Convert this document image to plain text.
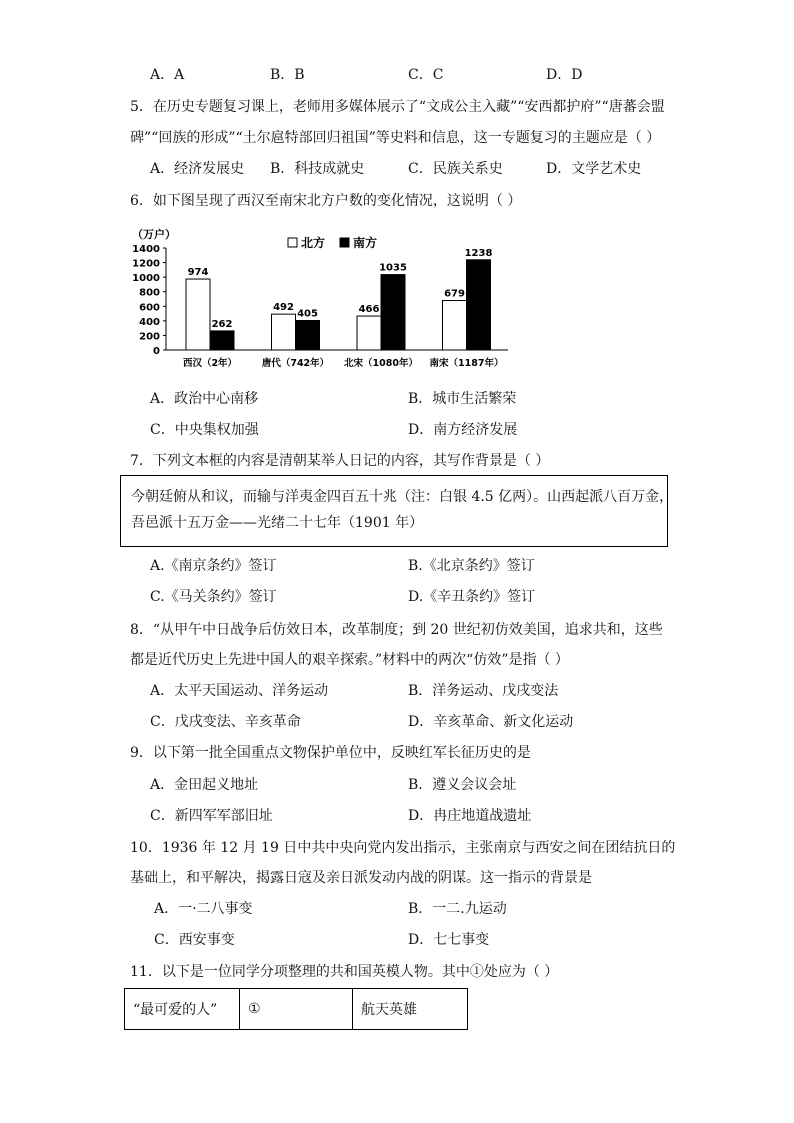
A．A	B．B	C．C	D．D
5．在历史专题复习课上，老师用多媒体展示了“文成公主入藏”“安西都护府”“唐蕃会盟
碑”“回族的形成”“土尔扈特部回归祖国”等史料和信息，这一专题复习的主题应是（ ）
A．经济发展史 B．科技成就史	C．民族关系史	D．文学艺术史
6．如下图呈现了西汉至南宋北方户数的变化情况，这说明（ ）
（万户）
北方 南方
0
200
400
600
800
1000
1200
1400
974
262
西汉（2年）
492
405
唐代（742年）
466
1035
北宋（1080年）
679
1238
南宋（1187年）
A．政治中心南移	B．城市生活繁荣
C．中央集权加强	D．南方经济发展
7．下列文本框的内容是清朝某举人日记的内容，其写作背景是（ ）
今朝廷俯从和议，而输与洋夷金四百五十兆（注：白银 4.5 亿两）。山西起派八百万金，
吾邑派十五万金——光绪二十七年（1901 年）
A.《南京条约》签订	B.《北京条约》签订
C.《马关条约》签订	D.《辛丑条约》签订
8．“从甲午中日战争后仿效日本，改革制度；到 20 世纪初仿效美国，追求共和，这些
都是近代历史上先进中国人的艰辛探索。”材料中的两次“仿效”是指（ ）
A．太平天国运动、洋务运动	B．洋务运动、戊戌变法
C．戊戌变法、辛亥革命	D．辛亥革命、新文化运动
9．以下第一批全国重点文物保护单位中，反映红军长征历史的是
A．金田起义地址	B．遵义会议会址
C．新四军军部旧址	D．冉庄地道战遗址
10．1936 年 12 月 19 日中共中央向党内发出指示，主张南京与西安之间在团结抗日的
基础上，和平解决，揭露日寇及亲日派发动内战的阴谋。这一指示的背景是
A．一·二八事变	B．一二.九运动
C．西安事变	D．七七事变
11．以下是一位同学分项整理的共和国英模人物。其中①处应为（ ）
“最可爱的人”	①	航天英雄
